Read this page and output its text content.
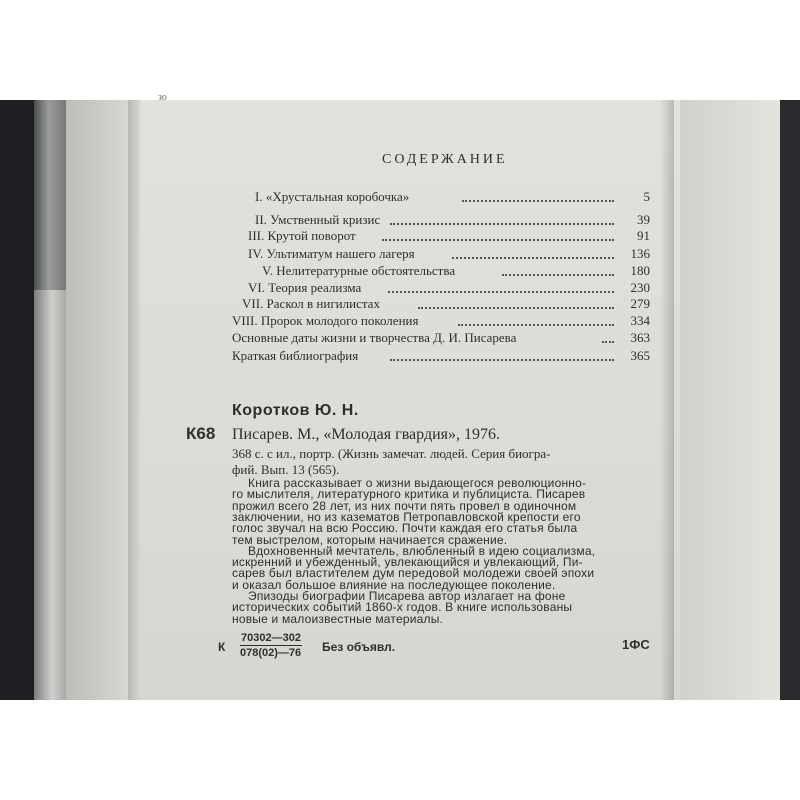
зо
СОДЕРЖАНИЕ
I. «Хрустальная коробочка»	5
II. Умственный кризис	39
III. Крутой поворот	91
IV. Ультиматум нашего лагеря	136
V. Нелитературные обстоятельства	180
VI. Теория реализма	230
VII. Раскол в нигилистах	279
VIII. Пророк молодого поколения	334
Основные даты жизни и творчества Д. И. Писарева	363
Краткая библиография	365
Коротков Ю. Н.
К68 Писарев. М., «Молодая гвардия», 1976.
368 с. с ил., портр. (Жизнь замечат. людей. Серия биогра-
фий. Вып. 13 (565).
Книга рассказывает о жизни выдающегося революционно-
го мыслителя, литературного критика и публициста. Писарев
прожил всего 28 лет, из них почти пять провел в одиночном
заключении, но из казематов Петропавловской крепости его
голос звучал на всю Россию. Почти каждая его статья была
тем выстрелом, которым начинается сражение.
Вдохновенный мечтатель, влюбленный в идею социализма,
искренний и убежденный, увлекающийся и увлекающий, Пи-
сарев был властителем дум передовой молодежи своей эпохи
и оказал большое влияние на последующее поколение.
Эпизоды биографии Писарева автор излагает на фоне
исторических событий 1860-х годов. В книге использованы
новые и малоизвестные материалы.
К $\frac{70302—302}{078(02)—76}$ Без объявл.	1ФС
